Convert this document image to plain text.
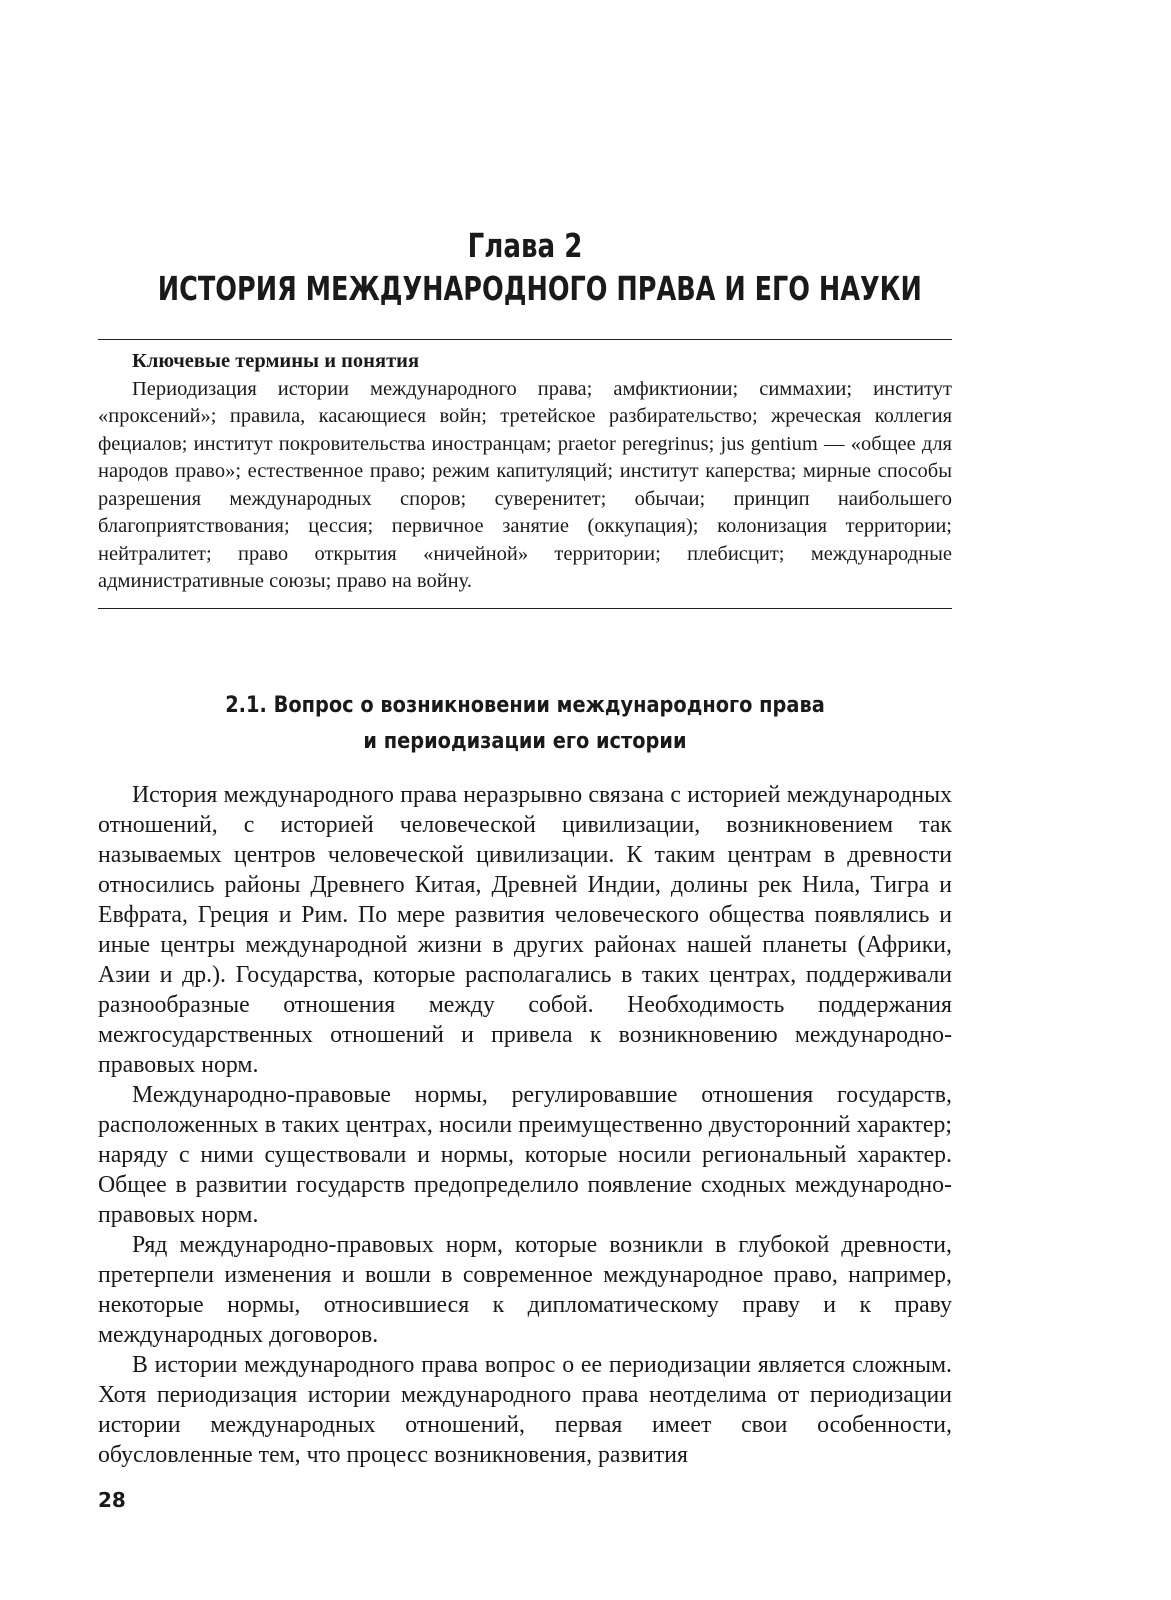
Глава 2
ИСТОРИЯ МЕЖДУНАРОДНОГО ПРАВА И ЕГО НАУКИ

Ключевые термины и понятия

Периодизация истории международного права; амфиктионии; симмахии; институт «проксений»; правила, касающиеся войн; третейское разбирательство; жреческая коллегия фециалов; институт покровительства иностранцам; praetor peregrinus; jus gentium — «общее для народов право»; естественное право; режим капитуляций; институт каперства; мирные способы разрешения международных споров; суверенитет; обычаи; принцип наибольшего благоприятствования; цессия; первичное занятие (оккупация); колонизация территории; нейтралитет; право открытия «ничейной» территории; плебисцит; международные административные союзы; право на войну.

2.1. Вопрос о возникновении международного права
и периодизации его истории

История международного права неразрывно связана с историей международных отношений, с историей человеческой цивилизации, возникновением так называемых центров человеческой цивилизации. К таким центрам в древности относились районы Древнего Китая, Древней Индии, долины рек Нила, Тигра и Евфрата, Греция и Рим. По мере развития человеческого общества появлялись и иные центры международной жизни в других районах нашей планеты (Африки, Азии и др.). Государства, которые располагались в таких центрах, поддерживали разнообразные отношения между собой. Необходимость поддержания межгосударственных отношений и привела к возникновению международно-правовых норм.

Международно-правовые нормы, регулировавшие отношения государств, расположенных в таких центрах, носили преимущественно двусторонний характер; наряду с ними существовали и нормы, которые носили региональный характер. Общее в развитии государств предопределило появление сходных международно-правовых норм.

Ряд международно-правовых норм, которые возникли в глубокой древности, претерпели изменения и вошли в современное международное право, например, некоторые нормы, относившиеся к дипломатическому праву и к праву международных договоров.

В истории международного права вопрос о ее периодизации является сложным. Хотя периодизация истории международного права неотделима от периодизации истории международных отношений, первая имеет свои особенности, обусловленные тем, что процесс возникновения, развития

28
